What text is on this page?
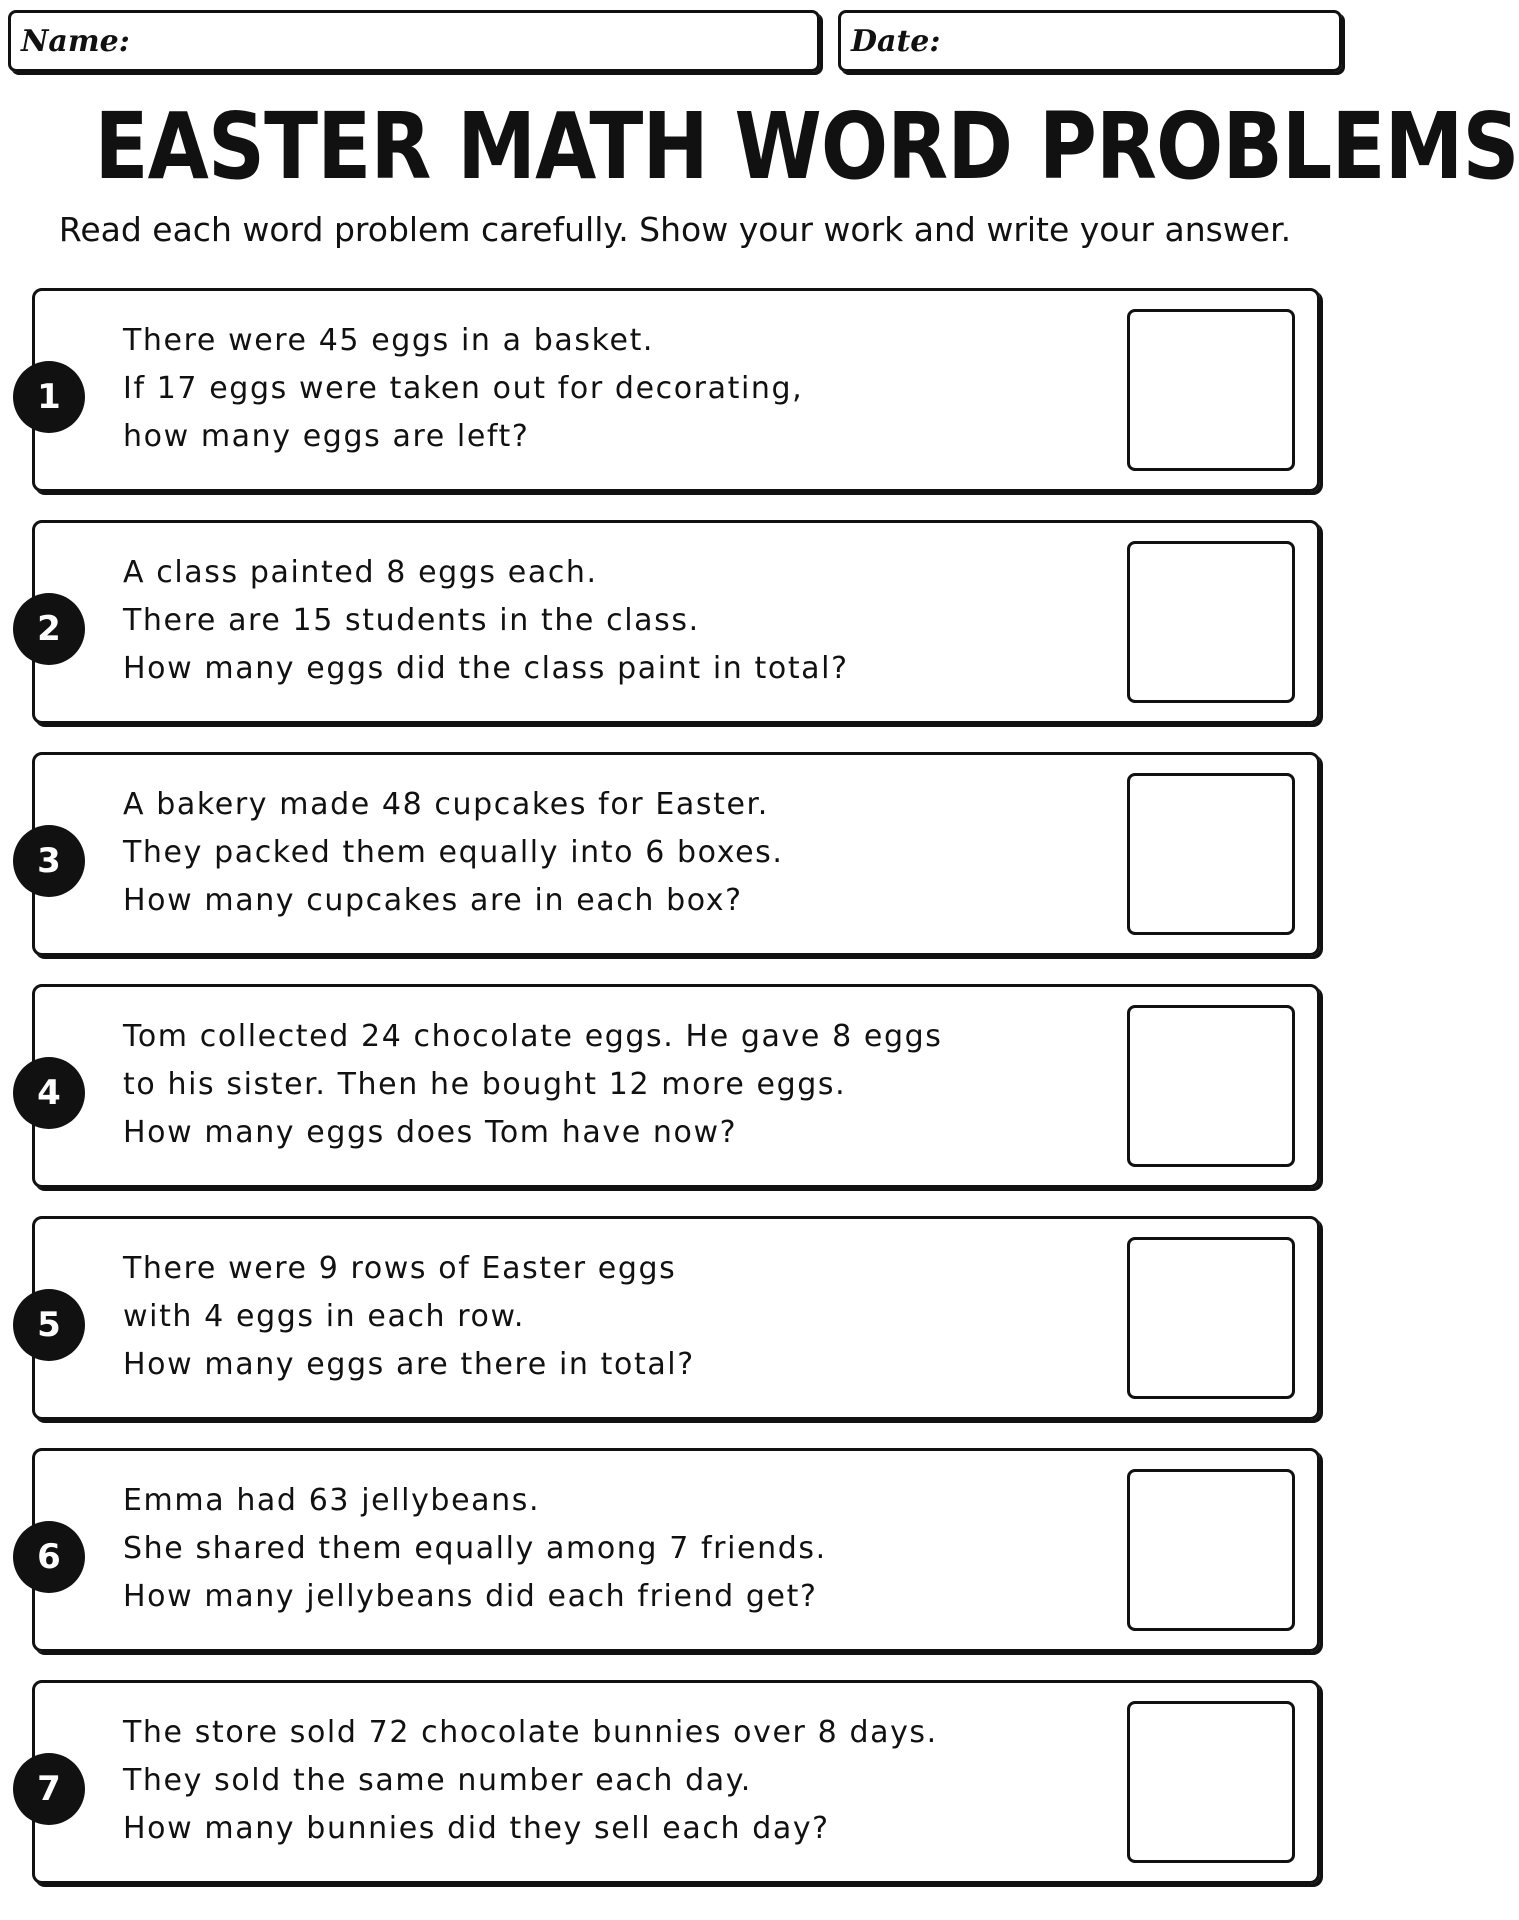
Name:	Date:
EASTER MATH WORD PROBLEMS
Read each word problem carefully. Show your work and write your answer.
1
There were 45 eggs in a basket.
If 17 eggs were taken out for decorating,
how many eggs are left?
2
A class painted 8 eggs each.
There are 15 students in the class.
How many eggs did the class paint in total?
3
A bakery made 48 cupcakes for Easter.
They packed them equally into 6 boxes.
How many cupcakes are in each box?
4
Tom collected 24 chocolate eggs. He gave 8 eggs
to his sister. Then he bought 12 more eggs.
How many eggs does Tom have now?
5
There were 9 rows of Easter eggs
with 4 eggs in each row.
How many eggs are there in total?
6
Emma had 63 jellybeans.
She shared them equally among 7 friends.
How many jellybeans did each friend get?
7
The store sold 72 chocolate bunnies over 8 days.
They sold the same number each day.
How many bunnies did they sell each day?
